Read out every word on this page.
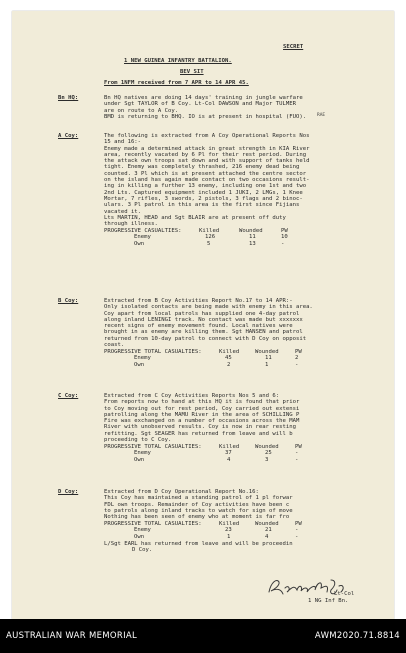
SECRET
1 NEW GUINEA INFANTRY BATTALION.
BEV SIT
From 1NFM received from 7 APR to 14 APR 45.
Bn HQ:
RAE
Bn HQ natives are doing 14 days' training in jungle warfare
under Sgt TAYLOR of B Coy. Lt-Col DAWSON and Major TULMER
are on route to A Coy.
BMD is returning to BHQ. IO is at present in hospital (FUO).
A Coy:	The following is extracted from A Coy Operational Reports Nos
15 and 16:-
Enemy made a determined attack in great strength in KIA River
area, recently vacated by 6 Pl for their rest period. During
the attack own troops sat down and with support of tanks held
tight. Enemy was completely thrashed, 216 enemy dead being
counted. 3 Pl which is at present attached the centre sector
on the island has again made contact on two occasions result-
ing in killing a further 13 enemy, including one 1st and two
2nd Lts. Captured equipment included 1 JUKI, 2 LMGs, 1 Knee
Mortar, 7 rifles, 3 swords, 2 pistols, 3 flags and 2 binoc-
ulars. 3 Pl patrol in this area is the first since Fijians
vacated it.
Lts MARTIN, HEAD and Sgt BLAIR are at present off duty
through illness.
PROGRESSIVE CASUALTIES:	Killed	Wounded	PW
Enemy	126	11	10
Own	5	13	-
B Coy:	Extracted from B Coy Activities Report No.17 to 14 APR:-
Only isolated contacts are being made with enemy in this area.
Coy apart from local patrols has supplied one 4-day patrol
along inland LENINGI track. No contact was made but xxxxxxx
recent signs of enemy movement found. Local natives were
brought in as enemy are killing them. Sgt HANSEN and patrol
returned from 10-day patrol to connect with D Coy on opposit
coast.
PROGRESSIVE TOTAL CASUALTIES:	Killed	Wounded	PW
Enemy	45	11	2
Own	2	1	-
C Coy:	Extracted from C Coy Activities Reports Nos 5 and 6:
From reports now to hand at this HQ it is found that prior
to Coy moving out for rest period, Coy carried out extensi
patrolling along the MAMU River in the area of SCHILLING P
Fire was exchanged on a number of occasions across the MAM
River with unobserved results. Coy is now in rear resting
refitting. Sgt SEAGER has returned from leave and will b
proceeding to C Coy.
PROGRESSIVE TOTAL CASUALTIES:	Killed	Wounded	PW
Enemy	37	25	-
Own	4	3	-
D Coy:	Extracted from D Coy Operational Report No.16:
This Coy has maintained a standing patrol of 1 pl forwar
FDL own troops. Remainder of Coy activities have been c
to patrols along inland tracks to watch for sign of move
Nothing has been seen of enemy who at moment is far fro
PROGRESSIVE TOTAL CASUALTIES:	Killed	Wounded	PW
Enemy	23	21	-
Own	1	4	-
L/Sgt EARL has returned from leave and will be proceedin
D Coy.
Lt-Col
1 NG Inf Bn.
AUSTRALIAN WAR MEMORIAL	AWM2020.71.8814
